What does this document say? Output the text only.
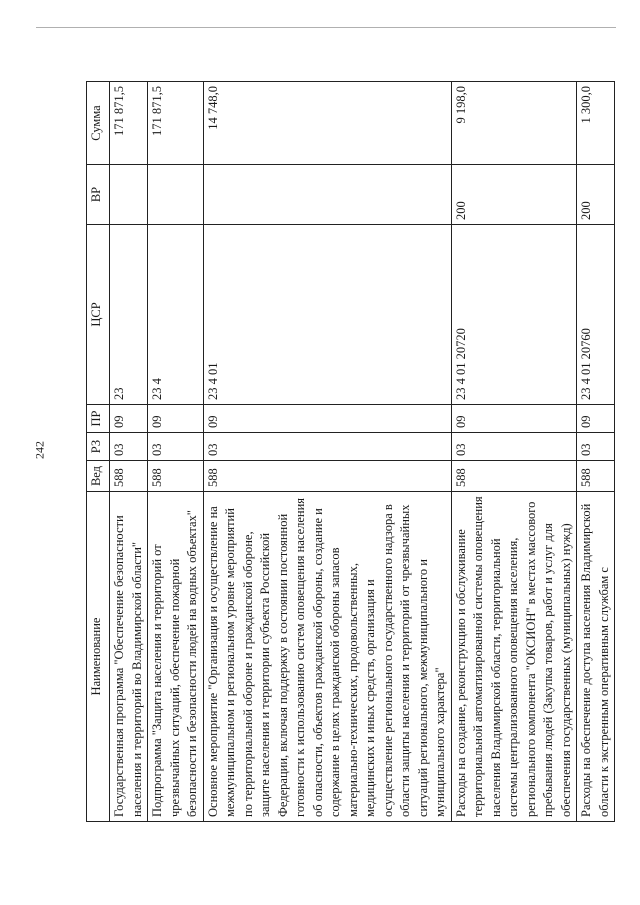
242
Наименование	Вед	РЗ	ПР	ЦСР	ВР	Сумма
Государственная программа "Обеспечение безопасности населения и территорий во Владимирской области"	588	03	09	23		171 871,5
Подпрограмма "Защита населения и территорий от чрезвычайных ситуаций, обеспечение пожарной безопасности и безопасности людей на водных объектах"	588	03	09	23 4		171 871,5
Основное мероприятие "Организация и осуществление на межмуниципальном и региональном уровне мероприятий по территориальной обороне и гражданской обороне, защите населения и территории субъекта Российской Федерации, включая поддержку в состоянии постоянной готовности к использованию систем оповещения населения об опасности, объектов гражданской обороны, создание и содержание в целях гражданской обороны запасов материально-технических, продовольственных, медицинских и иных средств, организация и осуществление регионального государственного надзора в области защиты населения и территорий от чрезвычайных ситуаций регионального, межмуниципального и муниципального характера"	588	03	09	23 4 01		14 748,0
Расходы на создание, реконструкцию и обслуживание территориальной автоматизированной системы оповещения населения Владимирской области, территориальной системы централизованного оповещения населения, регионального компонента "ОКСИОН" в местах массового пребывания людей (Закупка товаров, работ и услуг для обеспечения государственных (муниципальных) нужд)	588	03	09	23 4 01 20720	200	9 198,0
Расходы на обеспечение доступа населения Владимирской области к экстренным оперативным службам с	588	03	09	23 4 01 20760	200	1 300,0
